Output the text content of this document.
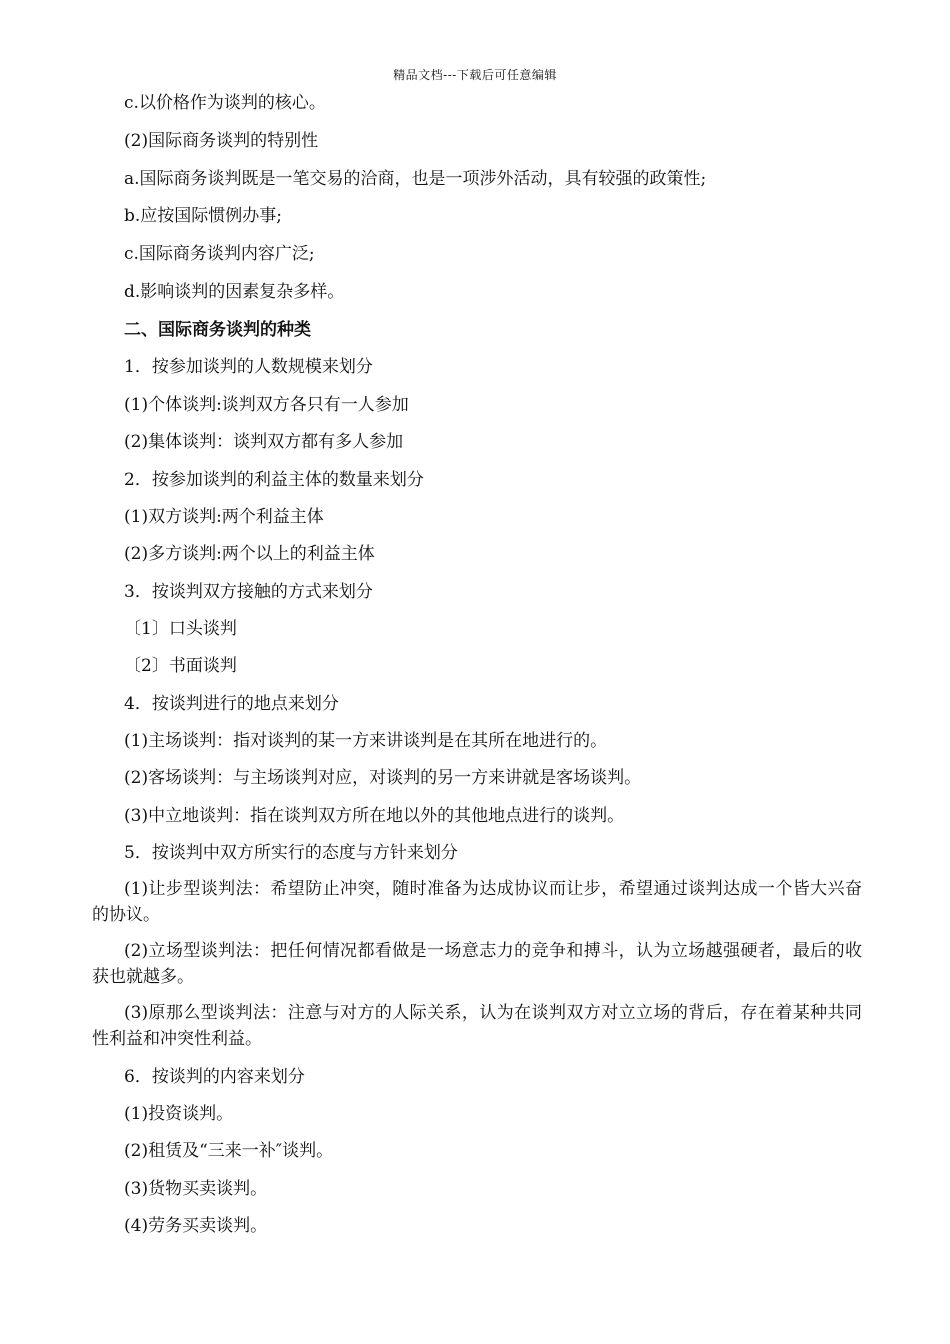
精品文档---下载后可任意编辑
c.以价格作为谈判的核心。
(2)国际商务谈判的特别性
a.国际商务谈判既是一笔交易的洽商，也是一项涉外活动，具有较强的政策性;
b.应按国际惯例办事;
c.国际商务谈判内容广泛;
d.影响谈判的因素复杂多样。
二、国际商务谈判的种类
1．按参加谈判的人数规模来划分
(1)个体谈判:谈判双方各只有一人参加
(2)集体谈判：谈判双方都有多人参加
2．按参加谈判的利益主体的数量来划分
(1)双方谈判:两个利益主体
(2)多方谈判:两个以上的利益主体
3．按谈判双方接触的方式来划分
〔1〕口头谈判
〔2〕书面谈判
4．按谈判进行的地点来划分
(1)主场谈判：指对谈判的某一方来讲谈判是在其所在地进行的。
(2)客场谈判：与主场谈判对应，对谈判的另一方来讲就是客场谈判。
(3)中立地谈判：指在谈判双方所在地以外的其他地点进行的谈判。
5．按谈判中双方所实行的态度与方针来划分
(1)让步型谈判法：希望防止冲突，随时准备为达成协议而让步，希望通过谈判达成一个皆大兴奋的协议。
(2)立场型谈判法：把任何情况都看做是一场意志力的竞争和搏斗，认为立场越强硬者，最后的收获也就越多。
(3)原那么型谈判法：注意与对方的人际关系，认为在谈判双方对立立场的背后，存在着某种共同性利益和冲突性利益。
6．按谈判的内容来划分
(1)投资谈判。
(2)租赁及“三来一补″谈判。
(3)货物买卖谈判。
(4)劳务买卖谈判。
